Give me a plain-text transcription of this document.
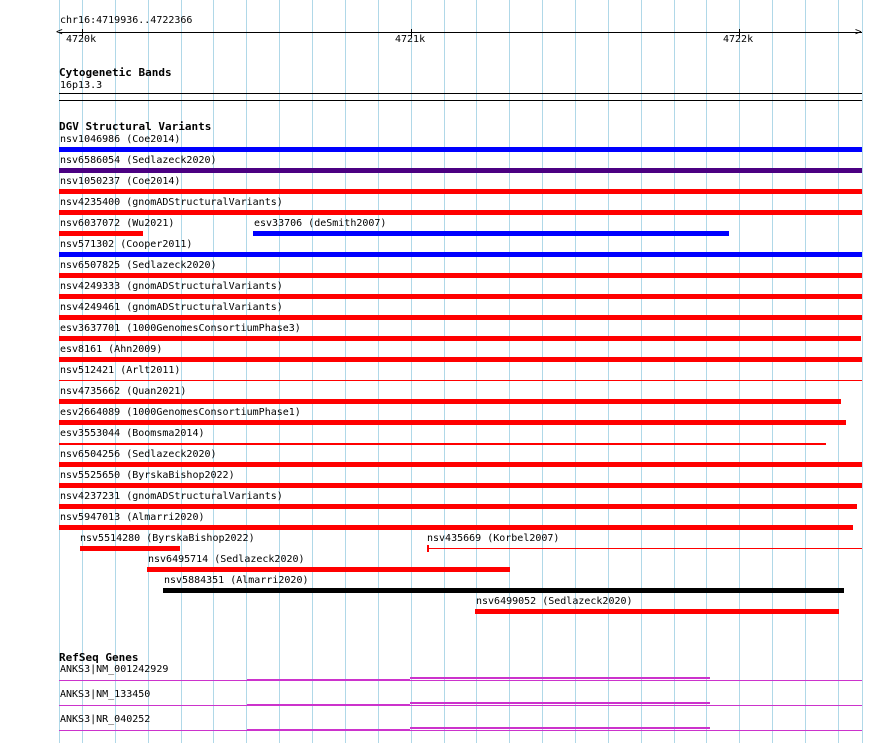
chr16:4719936..4722366
<	>
4720k	4721k	4722k
Cytogenetic Bands
16p13.3
DGV Structural Variants
nsv1046986 (Coe2014)
nsv6586054 (Sedlazeck2020)
nsv1050237 (Coe2014)
nsv4235400 (gnomADStructuralVariants)
nsv6037072 (Wu2021)	esv33706 (deSmith2007)
nsv571302 (Cooper2011)
nsv6507825 (Sedlazeck2020)
nsv4249333 (gnomADStructuralVariants)
nsv4249461 (gnomADStructuralVariants)
esv3637701 (1000GenomesConsortiumPhase3)
esv8161 (Ahn2009)
nsv512421 (Arlt2011)
nsv4735662 (Quan2021)
esv2664089 (1000GenomesConsortiumPhase1)
esv3553044 (Boomsma2014)
nsv6504256 (Sedlazeck2020)
nsv5525650 (ByrskaBishop2022)
nsv4237231 (gnomADStructuralVariants)
nsv5947013 (Almarri2020)
nsv5514280 (ByrskaBishop2022)	nsv435669 (Korbel2007)
nsv6495714 (Sedlazeck2020)
nsv5884351 (Almarri2020)
nsv6499052 (Sedlazeck2020)
RefSeq Genes
ANKS3|NM_001242929
ANKS3|NM_133450
ANKS3|NR_040252
